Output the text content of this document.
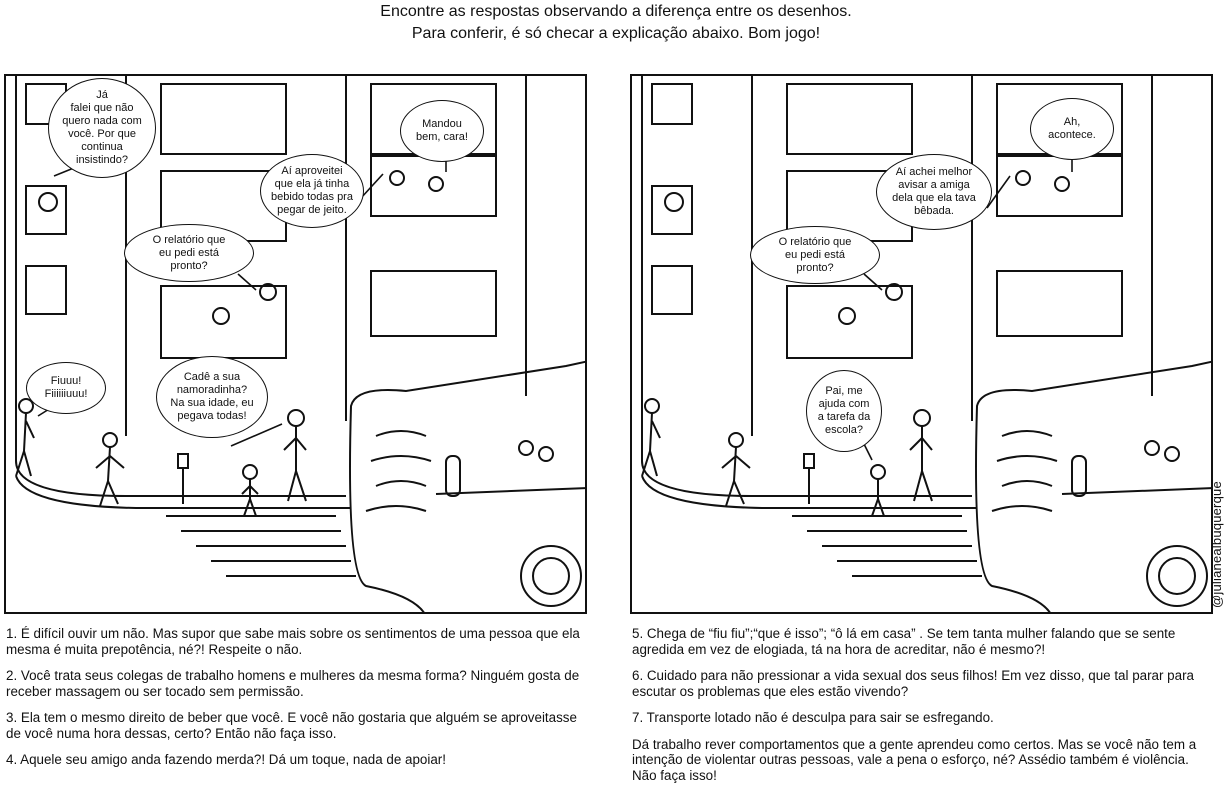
Encontre as respostas observando a diferença entre os desenhos.
Para conferir, é só checar a explicação abaixo. Bom jogo!
Já
falei que não
quero nada com
você. Por que
continua
insistindo?
Aí aproveitei
que ela já tinha
bebido todas pra
pegar de jeito.
Mandou
bem, cara!
O relatório que
eu pedi está
pronto?
Fiuuu!
Fiiiiiiuuu!
Cadê a sua
namoradinha?
Na sua idade, eu
pegava todas!
Ah,
acontece.
Aí achei melhor
avisar a amiga
dela que ela tava
bêbada.
O relatório que
eu pedi está
pronto?
Pai, me
ajuda com
a tarefa da
escola?
@julianealbuquerque

1. É difícil ouvir um não. Mas supor que sabe mais sobre os sentimentos de uma pessoa que ela mesma é muita prepotência, né?! Respeite o não.

2. Você trata seus colegas de trabalho homens e mulheres da mesma forma? Ninguém gosta de receber massagem ou ser tocado sem permissão.

3. Ela tem o mesmo direito de beber que você. E você não gostaria que alguém se aproveitasse de você numa hora dessas, certo? Então não faça isso.

4. Aquele seu amigo anda fazendo merda?! Dá um toque, nada de apoiar!

5. Chega de “fiu fiu”;“que é isso”; “ô lá em casa” . Se tem tanta mulher falando que se sente agredida em vez de elogiada, tá na hora de acreditar, não é mesmo?!

6. Cuidado para não pressionar a vida sexual dos seus filhos! Em vez disso, que tal parar para escutar os problemas que eles estão vivendo?

7. Transporte lotado não é desculpa para sair se esfregando.

Dá trabalho rever comportamentos que a gente aprendeu como certos. Mas se você não tem a intenção de violentar outras pessoas, vale a pena o esforço, né? Assédio também é violência. Não faça isso!
